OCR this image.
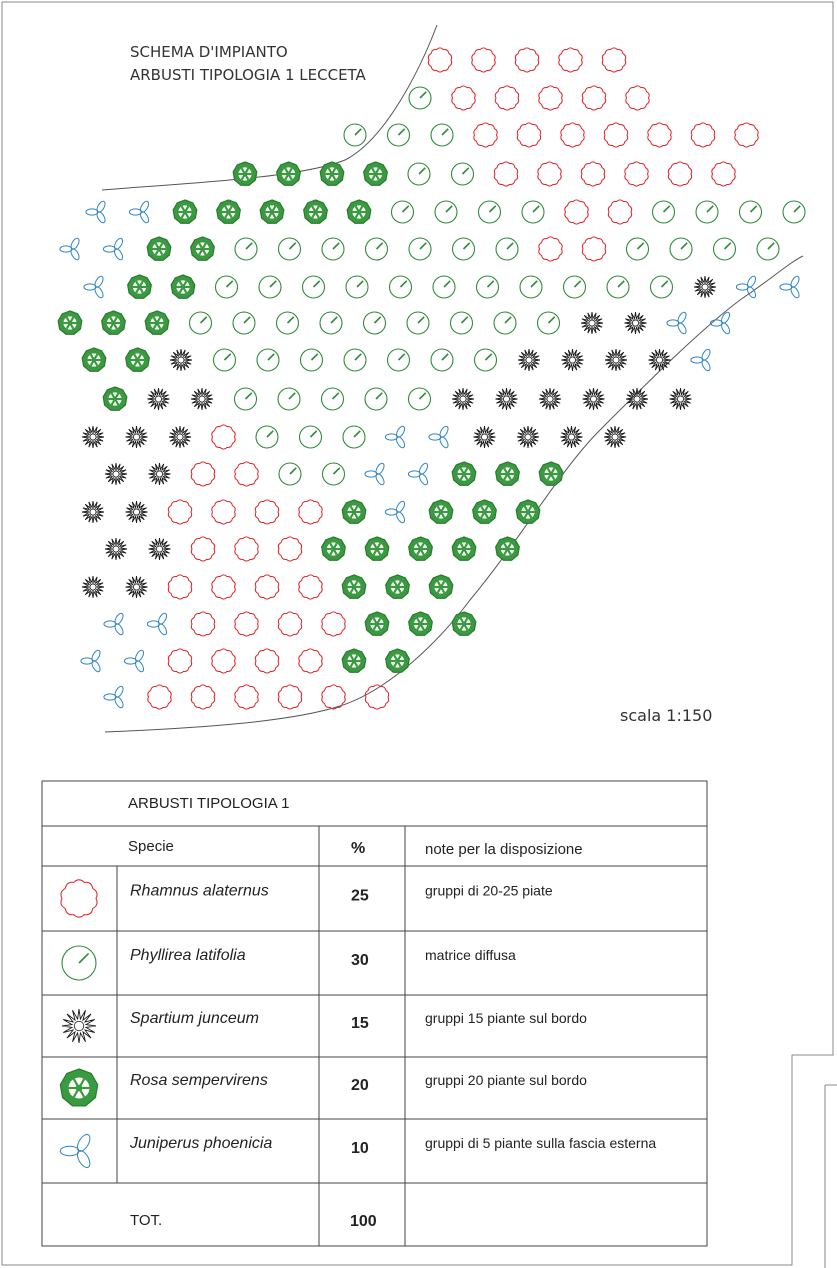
SCHEMA D'IMPIANTO
ARBUSTI TIPOLOGIA 1 LECCETA
scala 1:150
ARBUSTI TIPOLOGIA 1
Specie	%	note per la disposizione
Rhamnus alaternus	25	gruppi di 20-25 piate
Phyllirea latifolia	30	matrice diffusa
Spartium junceum	15	gruppi 15 piante sul bordo
Rosa sempervirens	20	gruppi 20 piante sul bordo
Juniperus phoenicia	10	gruppi di 5 piante sulla fascia esterna
TOT.	100
